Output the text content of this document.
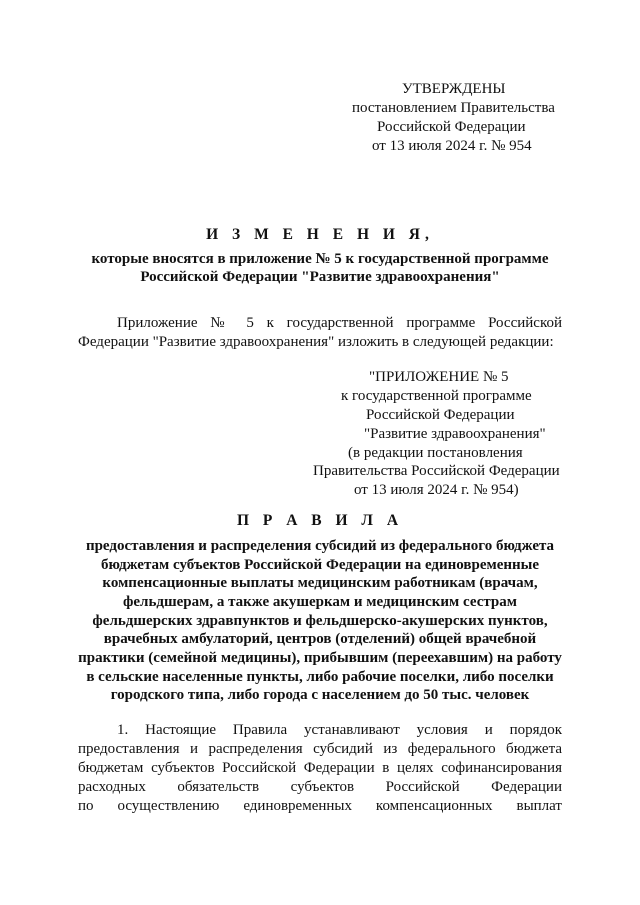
УТВЕРЖДЕНЫ
постановлением Правительства
Российской Федерации
от 13 июля 2024 г. № 954
И З М Е Н Е Н И Я,
которые вносятся в приложение № 5 к государственной программе
Российской Федерации "Развитие здравоохранения"
Приложение № 5 к государственной программе Российской
Федерации "Развитие здравоохранения" изложить в следующей редакции:
"ПРИЛОЖЕНИЕ № 5
к государственной программе
Российской Федерации
"Развитие здравоохранения"
(в редакции постановления
Правительства Российской Федерации
от 13 июля 2024 г. № 954)
П Р А В И Л А
предоставления и распределения субсидий из федерального бюджета
бюджетам субъектов Российской Федерации на единовременные
компенсационные выплаты медицинским работникам (врачам,
фельдшерам, а также акушеркам и медицинским сестрам
фельдшерских здравпунктов и фельдшерско-акушерских пунктов,
врачебных амбулаторий, центров (отделений) общей врачебной
практики (семейной медицины), прибывшим (переехавшим) на работу
в сельские населенные пункты, либо рабочие поселки, либо поселки
городского типа, либо города с населением до 50 тыс. человек
1. Настоящие Правила устанавливают условия и порядок
предоставления и распределения субсидий из федерального бюджета
бюджетам субъектов Российской Федерации в целях софинансирования
расходных обязательств субъектов Российской Федерации
по осуществлению единовременных компенсационных выплат
